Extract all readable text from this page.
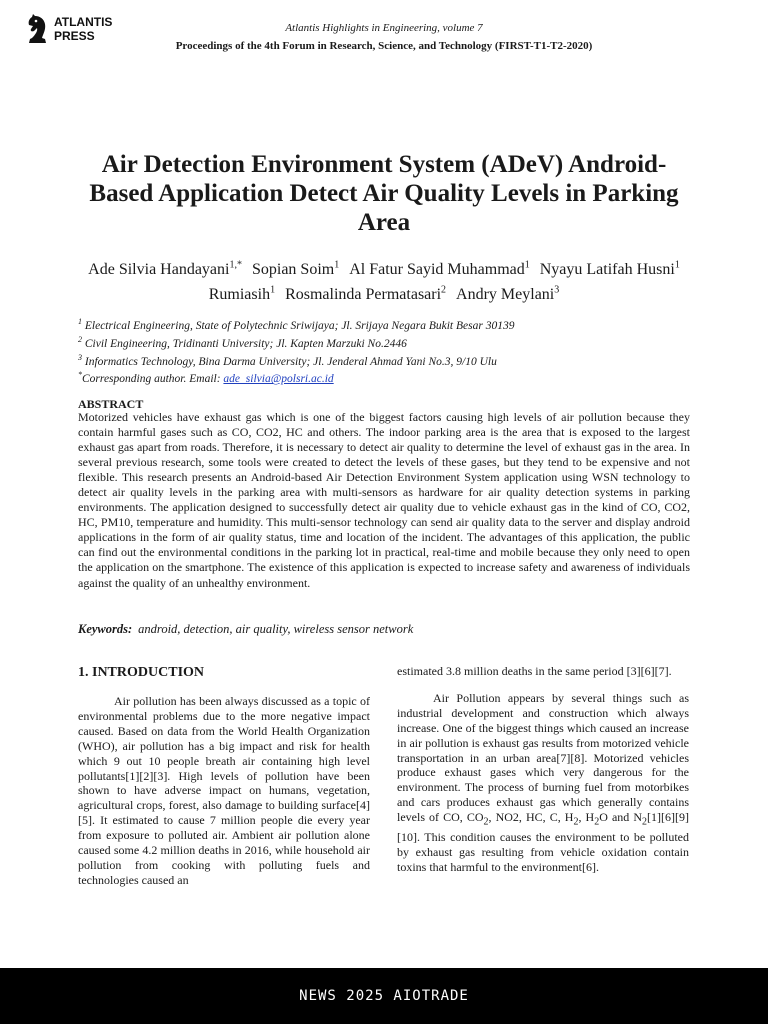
ATLANTIS
PRESS
Atlantis Highlights in Engineering, volume 7
Proceedings of the 4th Forum in Research, Science, and Technology (FIRST-T1-T2-2020)
Air Detection Environment System (ADeV) Android-Based Application Detect Air Quality Levels in Parking Area
Ade Silvia Handayani$^{1,*}$ Sopian Soim$^1$ Al Fatur Sayid Muhammad$^1$ Nyayu Latifah Husni$^1$ Rumiasih$^1$ Rosmalinda Permatasari$^2$ Andry Meylani$^3$
$^1$ Electrical Engineering, State of Polytechnic Sriwijaya; Jl. Srijaya Negara Bukit Besar 30139
$^2$ Civil Engineering, Tridinanti University; Jl. Kapten Marzuki No.2446
$^3$ Informatics Technology, Bina Darma University; Jl. Jenderal Ahmad Yani No.3, 9/10 Ulu
*Corresponding author. Email: ade_silvia@polsri.ac.id
ABSTRACT

Motorized vehicles have exhaust gas which is one of the biggest factors causing high levels of air pollution because they contain harmful gases such as CO, CO2, HC and others. The indoor parking area is the area that is exposed to the largest exhaust gas apart from roads. Therefore, it is necessary to detect air quality to determine the level of exhaust gas in the area. In several previous research, some tools were created to detect the levels of these gases, but they tend to be expensive and not flexible. This research presents an Android-based Air Detection Environment System application using WSN technology to detect air quality levels in the parking area with multi-sensors as hardware for air quality detection systems in parking environments. The application designed to successfully detect air quality due to vehicle exhaust gas in the kind of CO, CO2, HC, PM10, temperature and humidity. This multi-sensor technology can send air quality data to the server and display android applications in the form of air quality status, time and location of the incident. The advantages of this application, the public can find out the environmental conditions in the parking lot in practical, real-time and mobile because they only need to open the application on the smartphone. The existence of this application is expected to increase safety and awareness of individuals against the quality of an unhealthy environment.

Keywords: android, detection, air quality, wireless sensor network
1. INTRODUCTION

Air pollution has been always discussed as a topic of environmental problems due to the more negative impact caused. Based on data from the World Health Organization (WHO), air pollution has a big impact and risk for health which 9 out 10 people breath air containing high level pollutants[1][2][3]. High levels of pollution have been shown to have adverse impact on humans, vegetation, agricultural crops, forest, also damage to building surface[4][5]. It estimated to cause 7 million people die every year from exposure to polluted air. Ambient air pollution alone caused some 4.2 million deaths in 2016, while household air pollution from cooking with polluting fuels and technologies caused an

estimated 3.8 million deaths in the same period [3][6][7].

Air Pollution appears by several things such as industrial development and construction which always increase. One of the biggest things which caused an increase in air pollution is exhaust gas results from motorized vehicle transportation in an urban area[7][8]. Motorized vehicles produce exhaust gases which very dangerous for the environment. The process of burning fuel from motorbikes and cars produces exhaust gas which generally contains levels of CO, $CO_2$, NO2, HC, C, $H_2$, $H_2O$ and $N_2[1][6][9][10]$. This condition causes the environment to be polluted by exhaust gas resulting from vehicle oxidation contain toxins that harmful to the environment[6].

NEWS 2025 AIOTRADE
